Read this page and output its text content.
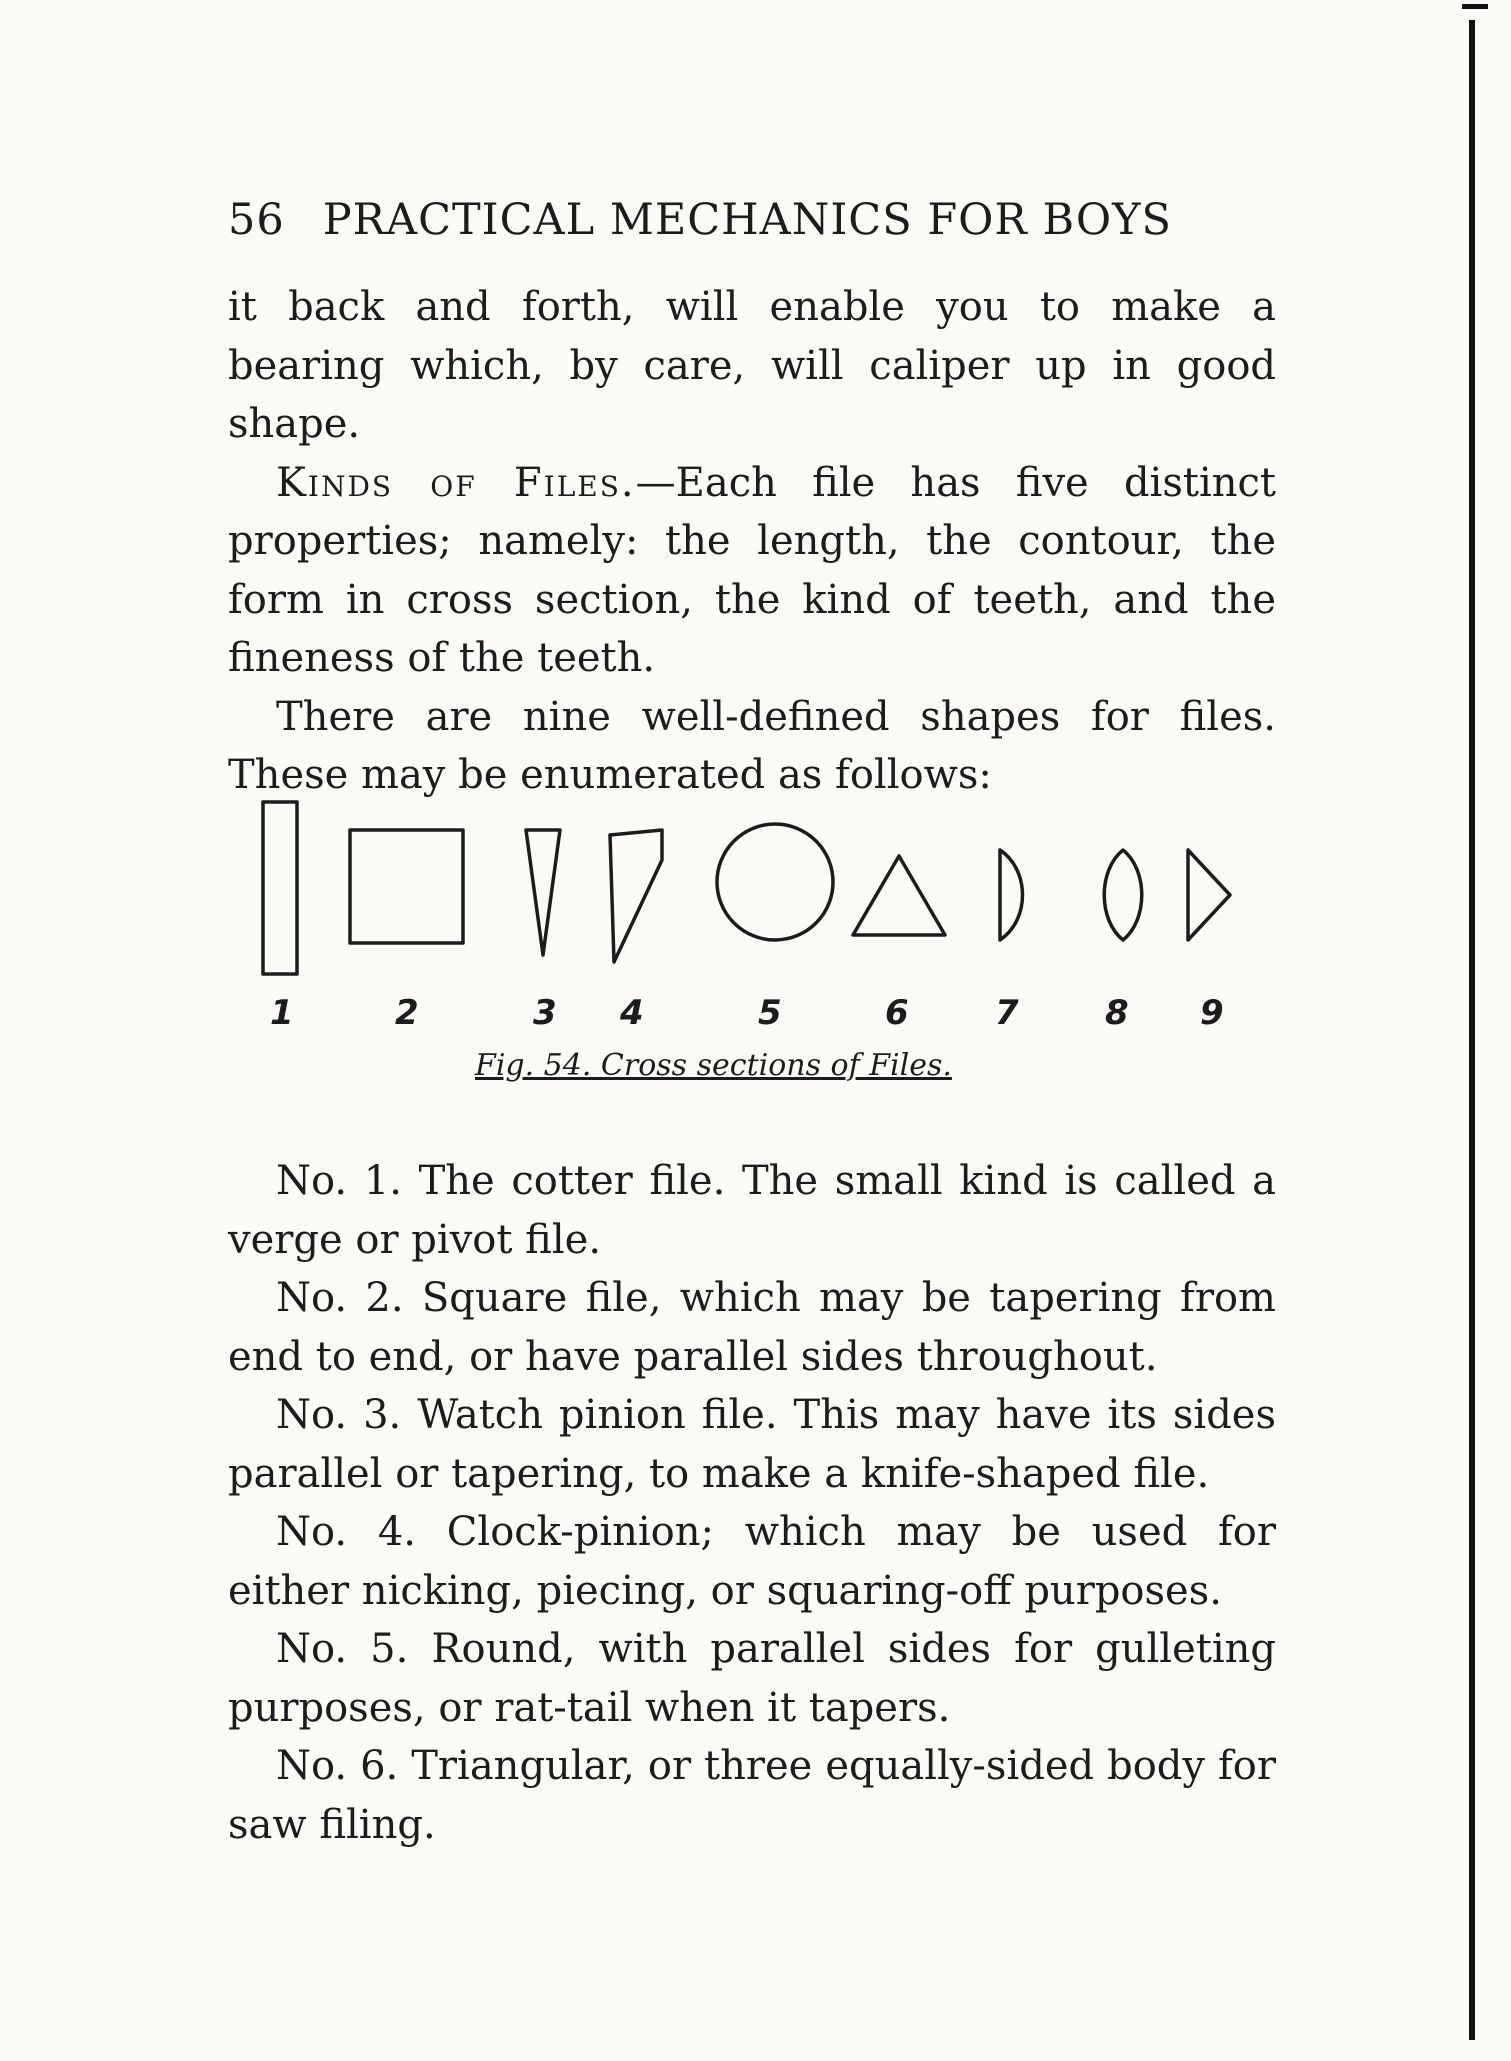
56 PRACTICAL MECHANICS FOR BOYS

it back and forth, will enable you to make a bearing which, by care, will caliper up in good shape.

Kinds of Files.—Each file has five distinct properties; namely: the length, the contour, the form in cross section, the kind of teeth, and the fineness of the teeth.

There are nine well-defined shapes for files. These may be enumerated as follows:

1	2	3 4	5	6	7	8 9
Fig. 54. Cross sections of Files.

No. 1. The cotter file. The small kind is called a verge or pivot file.

No. 2. Square file, which may be tapering from end to end, or have parallel sides throughout.

No. 3. Watch pinion file. This may have its sides parallel or tapering, to make a knife-shaped file.

No. 4. Clock-pinion; which may be used for either nicking, piecing, or squaring-off purposes.

No. 5. Round, with parallel sides for gulleting purposes, or rat-tail when it tapers.

No. 6. Triangular, or three equally-sided body for saw filing.
